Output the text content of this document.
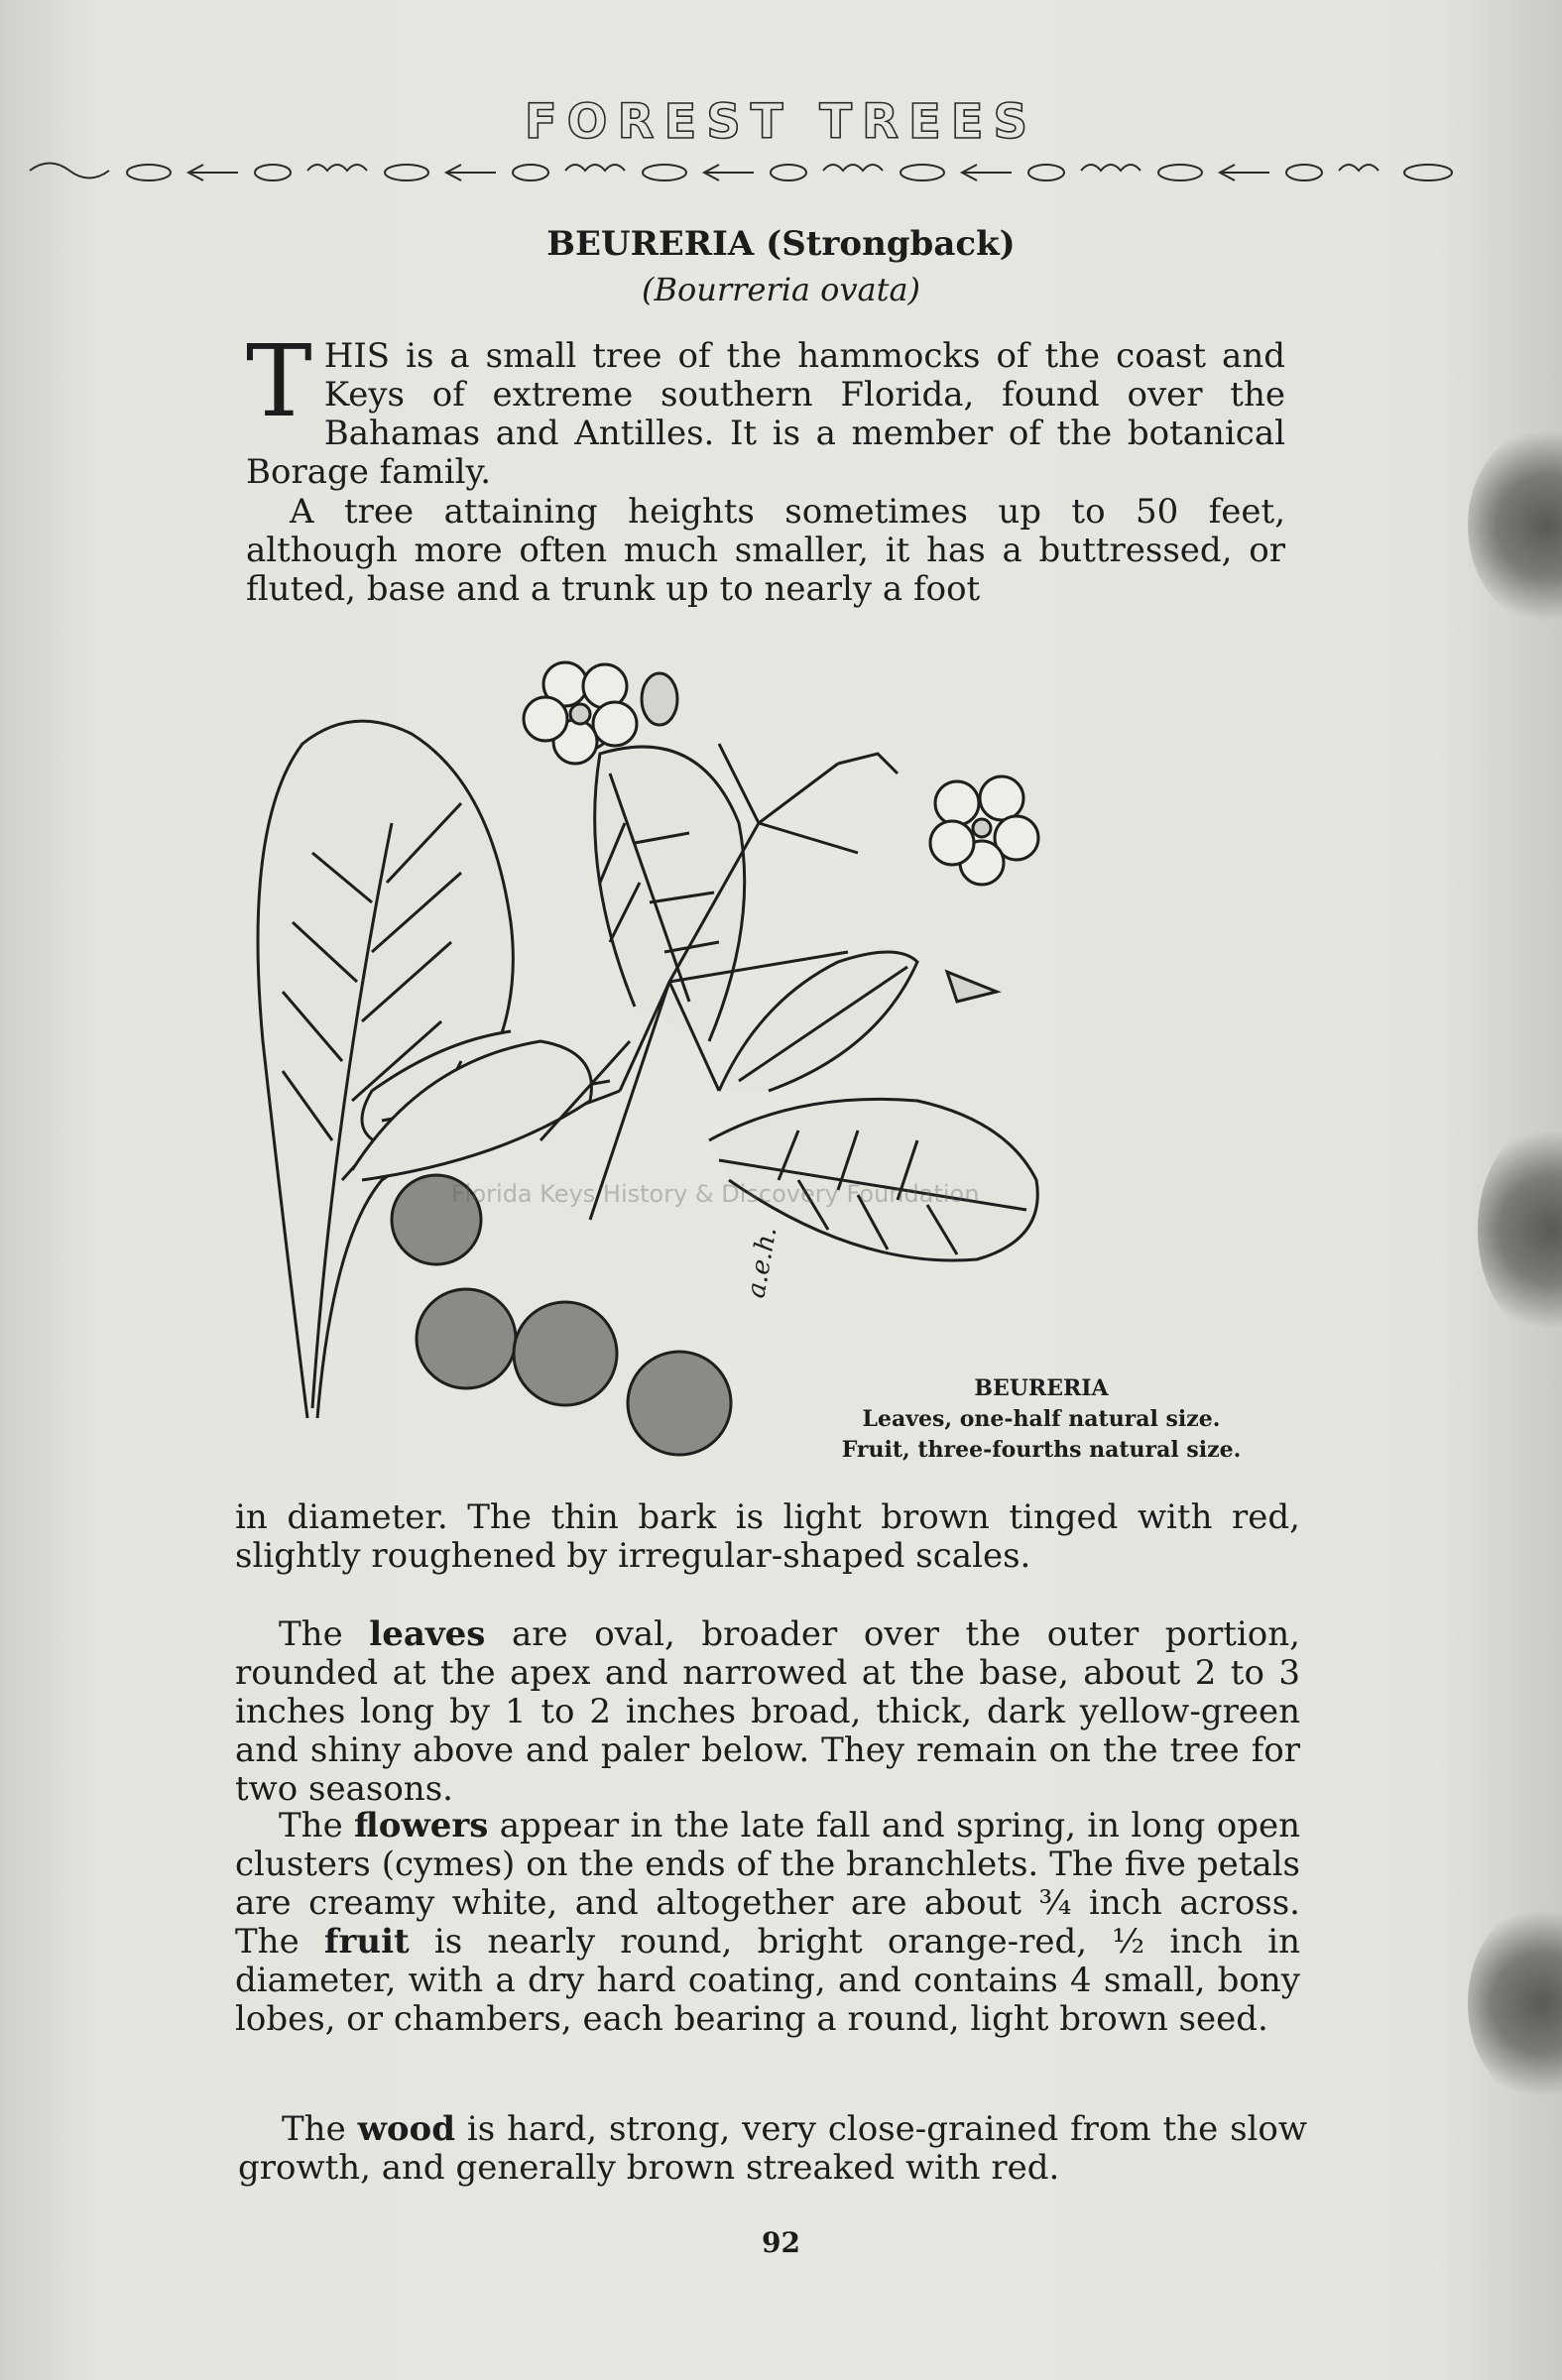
FOREST TREES
BEURERIA (Strongback)
(Bourreria ovata)

THIS is a small tree of the hammocks of the coast and Keys of extreme southern Florida, found over the Bahamas and Antilles. It is a member of the botanical Borage family.

A tree attaining heights sometimes up to 50 feet, although more often much smaller, it has a buttressed, or fluted, base and a trunk up to nearly a foot

a.e.h.
Florida Keys History & Discovery Foundation
BEURERIA
Leaves, one-half natural size.
Fruit, three-fourths natural size.

in diameter. The thin bark is light brown tinged with red, slightly roughened by irregular-shaped scales.

The leaves are oval, broader over the outer portion, rounded at the apex and narrowed at the base, about 2 to 3 inches long by 1 to 2 inches broad, thick, dark yellow-green and shiny above and paler below. They remain on the tree for two seasons.

The flowers appear in the late fall and spring, in long open clusters (cymes) on the ends of the branchlets. The five petals are creamy white, and altogether are about ¾ inch across. The fruit is nearly round, bright orange-red, ½ inch in diameter, with a dry hard coating, and contains 4 small, bony lobes, or chambers, each bearing a round, light brown seed.

The wood is hard, strong, very close-grained from the slow growth, and generally brown streaked with red.

92
